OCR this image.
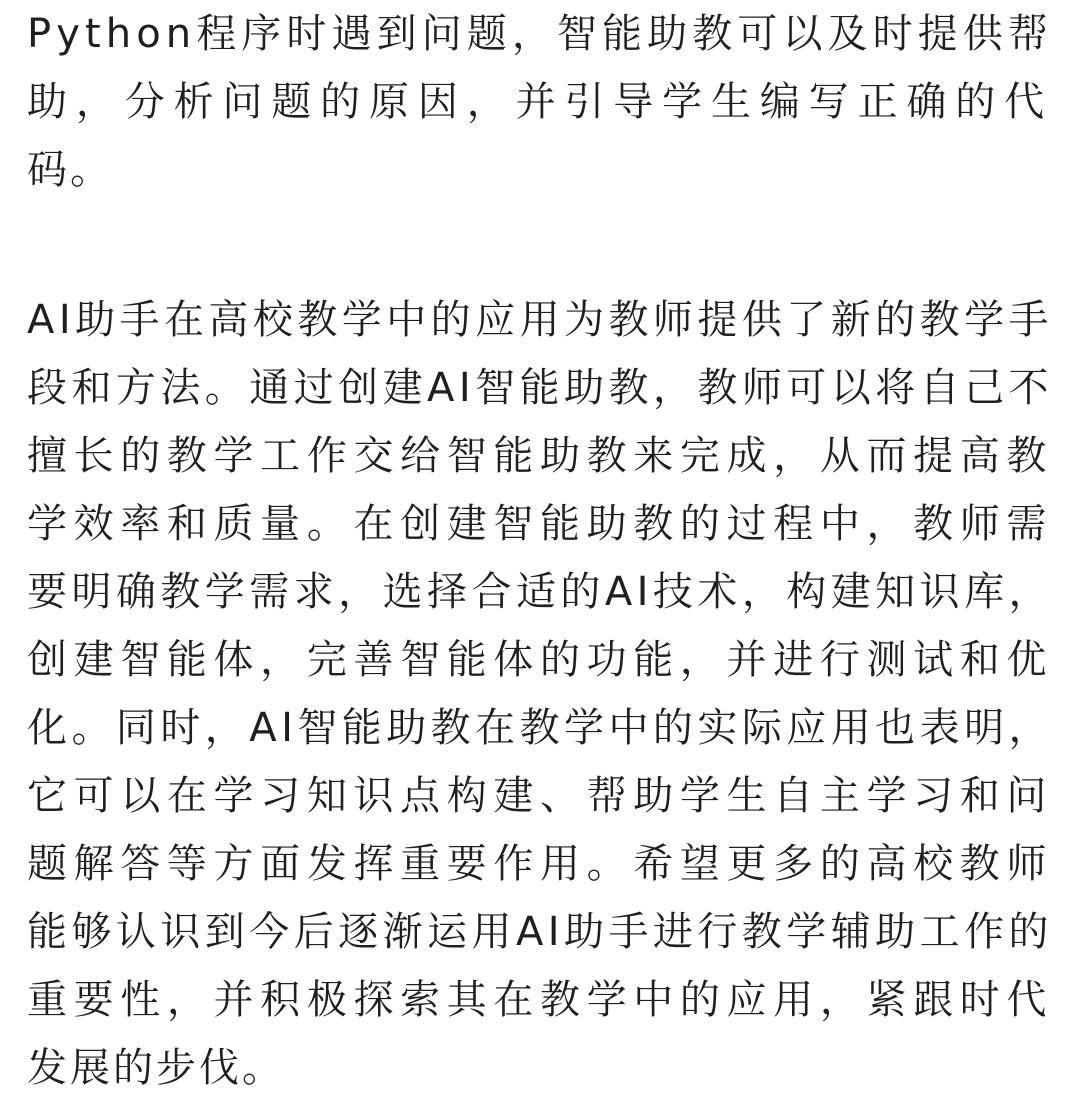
Python程序时遇到问题，智能助教可以及时提供帮
助，分析问题的原因，并引导学生编写正确的代
码。
AI助手在高校教学中的应用为教师提供了新的教学手
段和方法。通过创建AI智能助教，教师可以将自己不
擅长的教学工作交给智能助教来完成，从而提高教
学效率和质量。在创建智能助教的过程中，教师需
要明确教学需求，选择合适的AI技术，构建知识库，
创建智能体，完善智能体的功能，并进行测试和优
化。同时，AI智能助教在教学中的实际应用也表明，
它可以在学习知识点构建、帮助学生自主学习和问
题解答等方面发挥重要作用。希望更多的高校教师
能够认识到今后逐渐运用AI助手进行教学辅助工作的
重要性，并积极探索其在教学中的应用，紧跟时代
发展的步伐。
